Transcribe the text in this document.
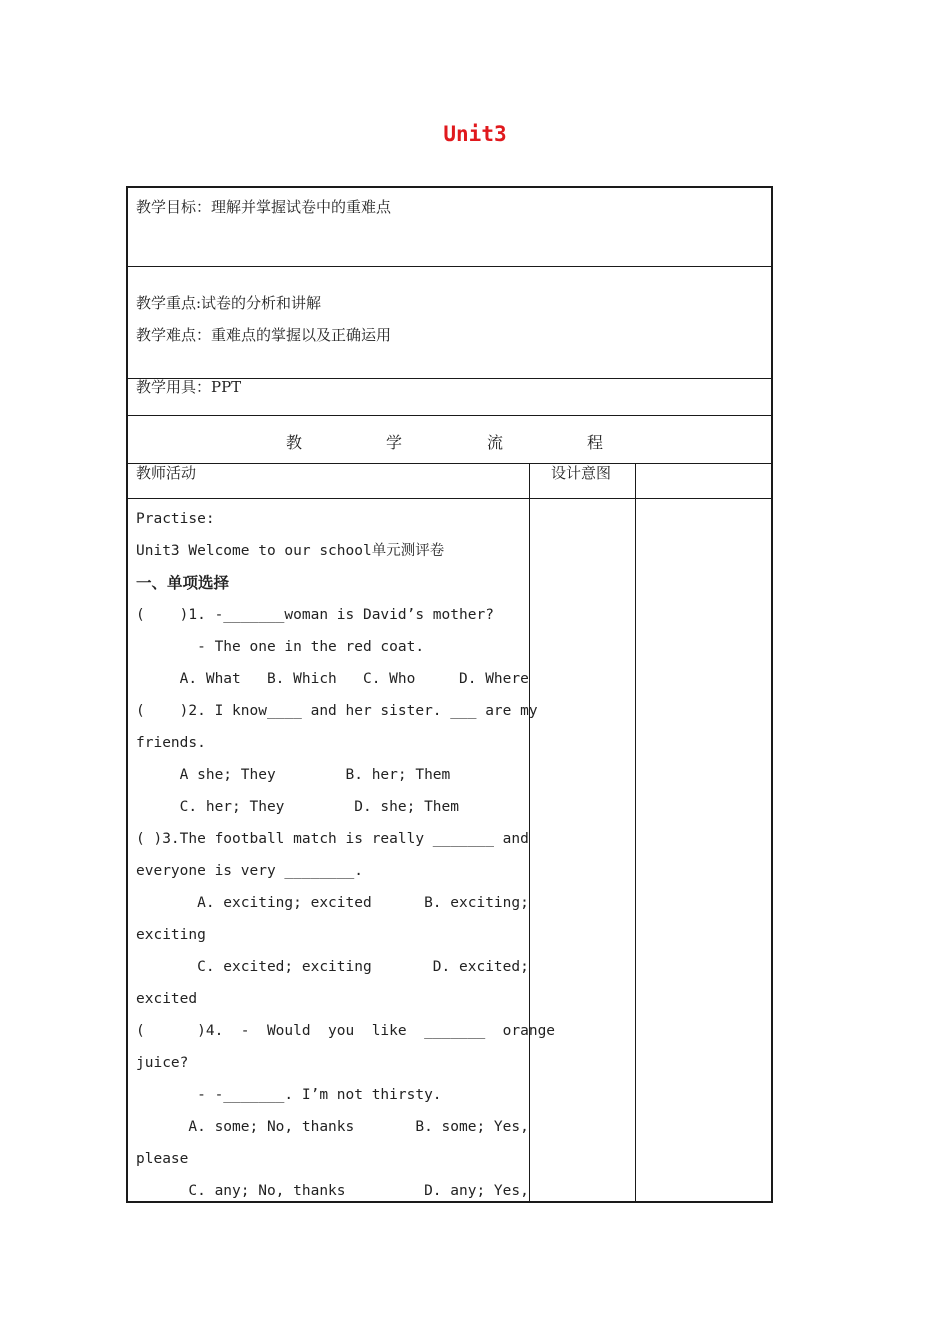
Unit3
教学目标：理解并掌握试卷中的重难点
教学重点:试卷的分析和讲解
教学难点：重难点的掌握以及正确运用
教学用具：PPT
教	学	流	程
教师活动	设计意图
Practise:
Unit3 Welcome to our school单元测评卷
一、单项选择
(    )1. -_______woman is David’s mother?
- The one in the red coat.
A. What   B. Which   C. Who     D. Where
(    )2. I know____ and her sister. ___ are my
friends.
A she; They        B. her; Them
C. her; They        D. she; Them
( )3.The football match is really _______ and
everyone is very ________.
A. exciting; excited      B. exciting;
exciting
C. excited; exciting       D. excited;
excited
(      )4.  -  Would  you  like  _______  orange
juice?
- -_______. I’m not thirsty.
A. some; No, thanks       B. some; Yes,
please
C. any; No, thanks         D. any; Yes,
